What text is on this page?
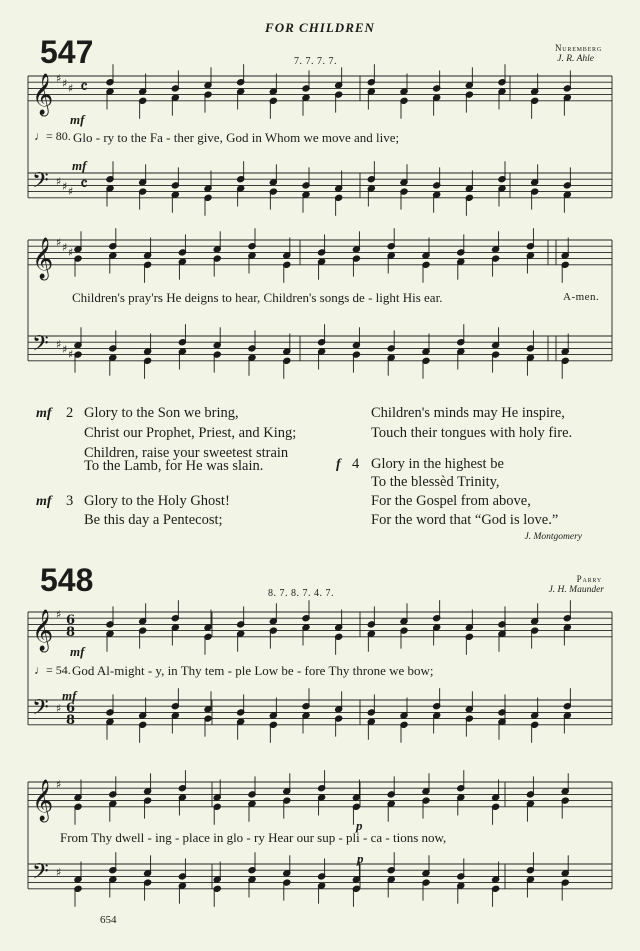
FOR CHILDREN
547	7. 7. 7. 7.
Nuremberg
J. R. Ahle
548	8. 7. 8. 7. 4. 7.
Parry
J. H. Maunder
𝄞
𝄢
♯
♯
♯
♯
♯
♯
𝄴
𝄴
𝄞
𝄢
♯
♯
♯
♯
♯
♯
𝄞
𝄢
♯
♯
6
6
8
8
𝄞
𝄢
♯
♯
mf
♩= 80. Glo - ry to the Fa - ther give, God in Whom we move and live;
mf
Children's pray'rs He deigns to hear, Children's songs de - light His ear.	A-men.
mf 2 Glory to the Son we bring,
Christ our Prophet, Priest, and King;
Children, raise your sweetest strain
To the Lamb, for He was slain.
mf 3 Glory to the Holy Ghost!
Be this day a Pentecost;
Children's minds may He inspire,
Touch their tongues with holy fire.
f 4 Glory in the highest be
To the blessèd Trinity,
For the Gospel from above,
For the word that “God is love.”
J. Montgomery
mf
♩= 54. God Al-might - y, in Thy tem - ple Low be - fore Thy throne we bow;
mf
p
From Thy dwell - ing - place in glo - ry Hear our sup - pli - ca - tions now,
p
654
